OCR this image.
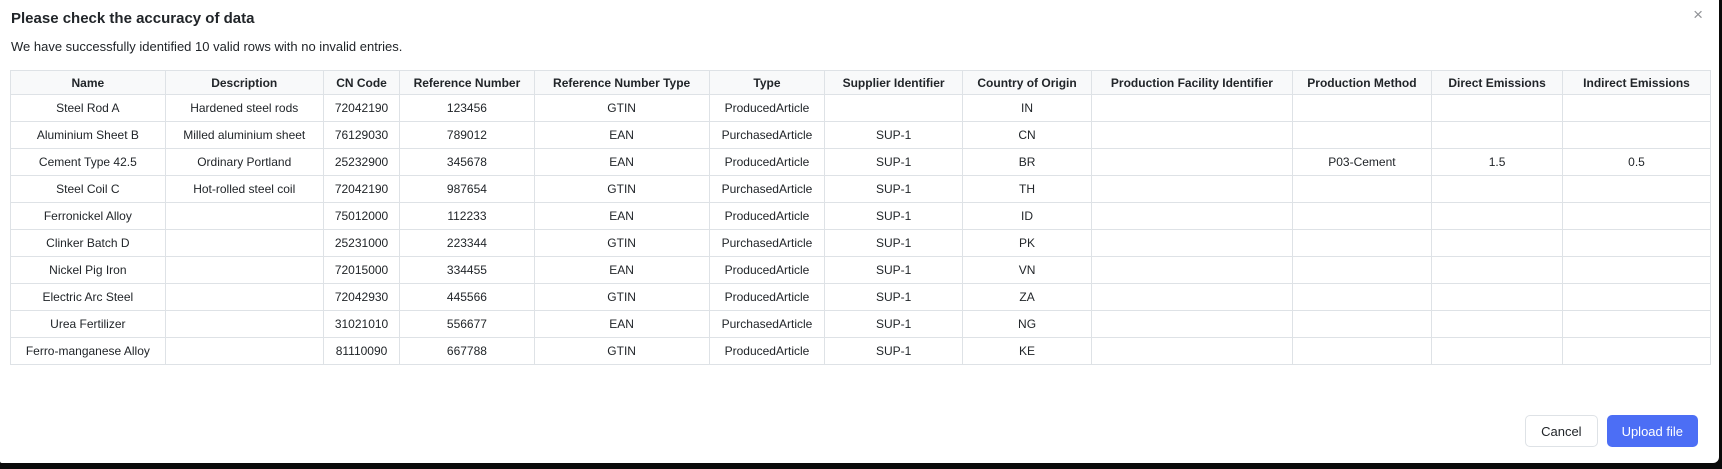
Please check the accuracy of data
We have successfully identified 10 valid rows with no invalid entries.
×
Name	Description	CN Code	Reference Number	Reference Number Type	Type	Supplier Identifier	Country of Origin	Production Facility Identifier	Production Method	Direct Emissions	Indirect Emissions
Steel Rod A	Hardened steel rods	72042190	123456	GTIN	ProducedArticle		IN				
Aluminium Sheet B	Milled aluminium sheet	76129030	789012	EAN	PurchasedArticle	SUP-1	CN				
Cement Type 42.5	Ordinary Portland	25232900	345678	EAN	ProducedArticle	SUP-1	BR		P03-Cement	1.5	0.5
Steel Coil C	Hot-rolled steel coil	72042190	987654	GTIN	PurchasedArticle	SUP-1	TH				
Ferronickel Alloy		75012000	112233	EAN	ProducedArticle	SUP-1	ID				
Clinker Batch D		25231000	223344	GTIN	PurchasedArticle	SUP-1	PK				
Nickel Pig Iron		72015000	334455	EAN	ProducedArticle	SUP-1	VN				
Electric Arc Steel		72042930	445566	GTIN	ProducedArticle	SUP-1	ZA				
Urea Fertilizer		31021010	556677	EAN	PurchasedArticle	SUP-1	NG				
Ferro-manganese Alloy		81110090	667788	GTIN	ProducedArticle	SUP-1	KE				
Cancel	Upload file
